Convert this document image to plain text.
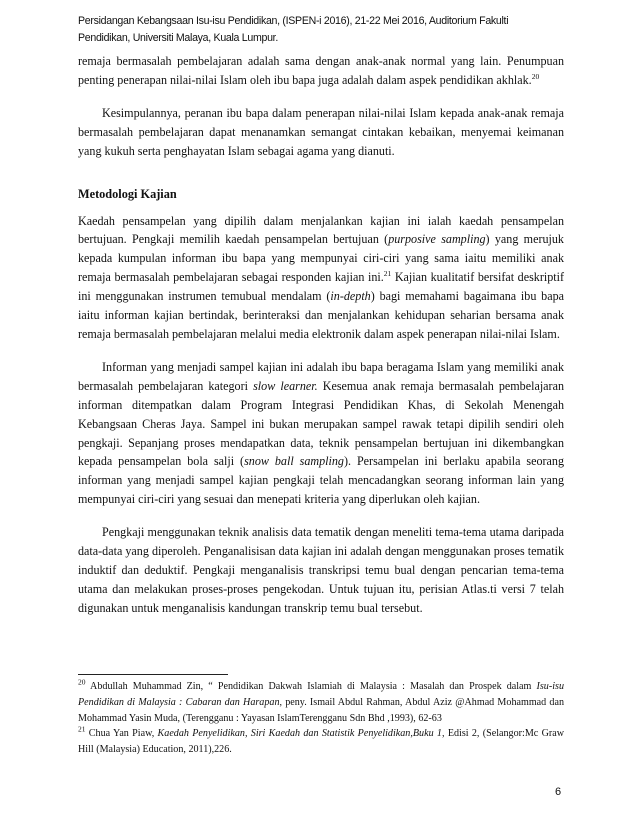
Persidangan Kebangsaan Isu-isu Pendidikan, (ISPEN-i 2016), 21-22 Mei 2016, Auditorium Fakulti
Pendidikan, Universiti Malaya, Kuala Lumpur.

remaja bermasalah pembelajaran adalah sama dengan anak-anak normal yang lain. Penumpuan penting penerapan nilai-nilai Islam oleh ibu bapa juga adalah dalam aspek pendidikan akhlak.$^{20}$

Kesimpulannya, peranan ibu bapa dalam penerapan nilai-nilai Islam kepada anak-anak remaja bermasalah pembelajaran dapat menanamkan semangat cintakan kebaikan, menyemai keimanan yang kukuh serta penghayatan Islam sebagai agama yang dianuti.

Metodologi Kajian

Kaedah pensampelan yang dipilih dalam menjalankan kajian ini ialah kaedah pensampelan bertujuan. Pengkaji memilih kaedah pensampelan bertujuan (purposive sampling) yang merujuk kepada kumpulan informan ibu bapa yang mempunyai ciri-ciri yang sama iaitu memiliki anak remaja bermasalah pembelajaran sebagai responden kajian ini.$^{21}$ Kajian kualitatif bersifat deskriptif ini menggunakan instrumen temubual mendalam (in-depth) bagi memahami bagaimana ibu bapa iaitu informan kajian bertindak, berinteraksi dan menjalankan kehidupan seharian bersama anak remaja bermasalah pembelajaran melalui media elektronik dalam aspek penerapan nilai-nilai Islam.

Informan yang menjadi sampel kajian ini adalah ibu bapa beragama Islam yang memiliki anak bermasalah pembelajaran kategori slow learner. Kesemua anak remaja bermasalah pembelajaran informan ditempatkan dalam Program Integrasi Pendidikan Khas, di Sekolah Menengah Kebangsaan Cheras Jaya. Sampel ini bukan merupakan sampel rawak tetapi dipilih sendiri oleh pengkaji. Sepanjang proses mendapatkan data, teknik pensampelan bertujuan ini dikembangkan kepada pensampelan bola salji (snow ball sampling). Persampelan ini berlaku apabila seorang informan yang menjadi sampel kajian pengkaji telah mencadangkan seorang informan lain yang mempunyai ciri-ciri yang sesuai dan menepati kriteria yang diperlukan oleh kajian.

Pengkaji menggunakan teknik analisis data tematik dengan meneliti tema-tema utama daripada data-data yang diperoleh. Penganalisisan data kajian ini adalah dengan menggunakan proses tematik induktif dan deduktif. Pengkaji menganalisis transkripsi temu bual dengan pencarian tema-tema utama dan melakukan proses-proses pengekodan. Untuk tujuan itu, perisian Atlas.ti versi 7 telah digunakan untuk menganalisis kandungan transkrip temu bual tersebut.

$^{20}$ Abdullah Muhammad Zin, “ Pendidikan Dakwah Islamiah di Malaysia : Masalah dan Prospek dalam Isu-isu Pendidikan di Malaysia : Cabaran dan Harapan, peny. Ismail Abdul Rahman, Abdul Aziz @Ahmad Mohammad dan Mohammad Yasin Muda, (Terengganu : Yayasan IslamTerengganu Sdn Bhd ,1993), 62-63

$^{21}$ Chua Yan Piaw, Kaedah Penyelidikan, Siri Kaedah dan Statistik Penyelidikan,Buku 1, Edisi 2, (Selangor:Mc Graw Hill (Malaysia) Education, 2011),226.

6
